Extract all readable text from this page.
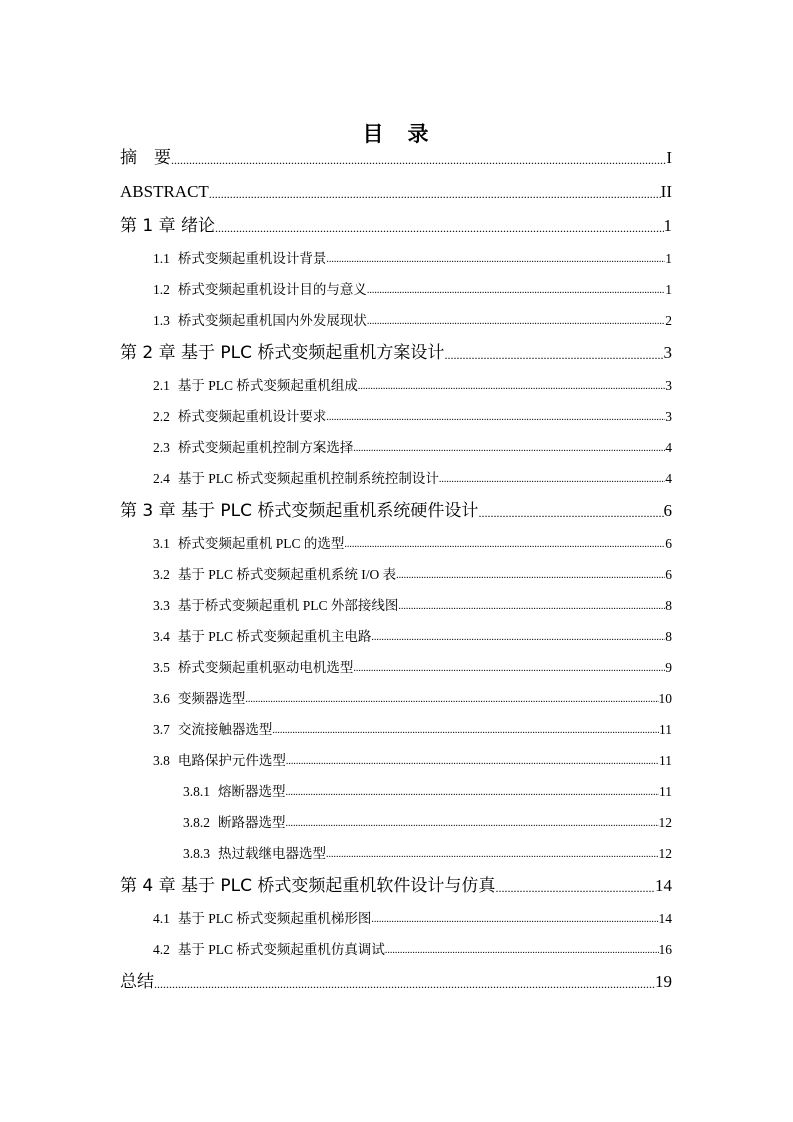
目 录
摘　要 .....	I
ABSTRACT .....	II
第 1 章 绪论 .....	1
1.1 桥式变频起重机设计背景 .....	1
1.2 桥式变频起重机设计目的与意义 .....	1
1.3 桥式变频起重机国内外发展现状 .....	2
第 2 章 基于 PLC 桥式变频起重机方案设计 .....	3
2.1 基于 PLC 桥式变频起重机组成 .....	3
2.2 桥式变频起重机设计要求 .....	3
2.3 桥式变频起重机控制方案选择 .....	4
2.4 基于 PLC 桥式变频起重机控制系统控制设计 .....	4
第 3 章 基于 PLC 桥式变频起重机系统硬件设计 .....	6
3.1 桥式变频起重机 PLC 的选型 .....	6
3.2 基于 PLC 桥式变频起重机系统 I/O 表 .....	6
3.3 基于桥式变频起重机 PLC 外部接线图 .....	8
3.4 基于 PLC 桥式变频起重机主电路 .....	8
3.5 桥式变频起重机驱动电机选型 .....	9
3.6 变频器选型 .....	10
3.7 交流接触器选型 .....	11
3.8 电路保护元件选型 .....	11
3.8.1 熔断器选型 .....	11
3.8.2 断路器选型 .....	12
3.8.3 热过载继电器选型 .....	12
第 4 章 基于 PLC 桥式变频起重机软件设计与仿真 .....	14
4.1 基于 PLC 桥式变频起重机梯形图 .....	14
4.2 基于 PLC 桥式变频起重机仿真调试 .....	16
总结 .....	19
